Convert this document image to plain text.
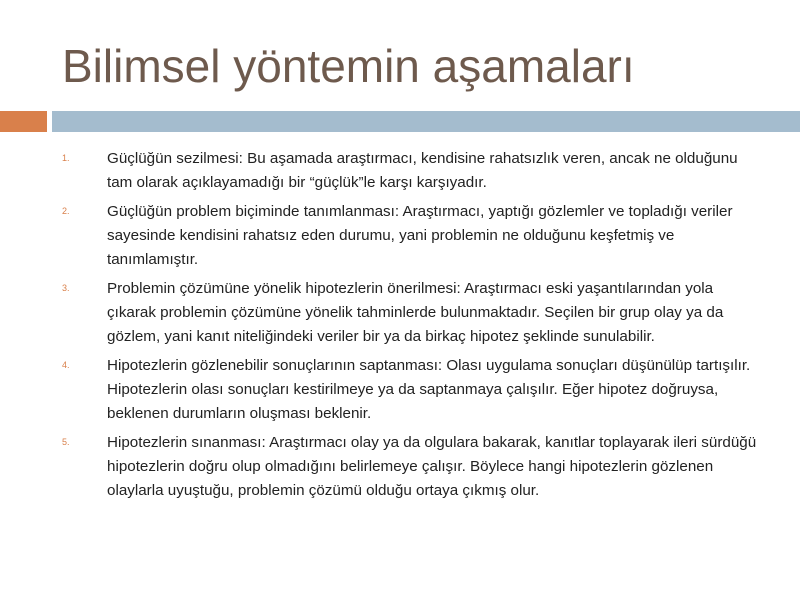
Bilimsel yöntemin aşamaları
1. Güçlüğün sezilmesi: Bu aşamada araştırmacı, kendisine rahatsızlık veren, ancak ne olduğunu tam olarak açıklayamadığı bir “güçlük”le karşı karşıyadır.
2. Güçlüğün problem biçiminde tanımlanması: Araştırmacı, yaptığı gözlemler ve topladığı veriler sayesinde kendisini rahatsız eden durumu, yani problemin ne olduğunu keşfetmiş ve tanımlamıştır.
3. Problemin çözümüne yönelik hipotezlerin önerilmesi: Araştırmacı eski yaşantılarından yola çıkarak problemin çözümüne yönelik tahminlerde bulunmaktadır. Seçilen bir grup olay ya da gözlem, yani kanıt niteliğindeki veriler bir ya da birkaç hipotez şeklinde sunulabilir.
4. Hipotezlerin gözlenebilir sonuçlarının saptanması: Olası uygulama sonuçları düşünülüp tartışılır. Hipotezlerin olası sonuçları kestirilmeye ya da saptanmaya çalışılır. Eğer hipotez doğruysa, beklenen durumların oluşması beklenir.
5. Hipotezlerin sınanması: Araştırmacı olay ya da olgulara bakarak, kanıtlar toplayarak ileri sürdüğü hipotezlerin doğru olup olmadığını belirlemeye çalışır. Böylece hangi hipotezlerin gözlenen olaylarla uyuştuğu, problemin çözümü olduğu ortaya çıkmış olur.
